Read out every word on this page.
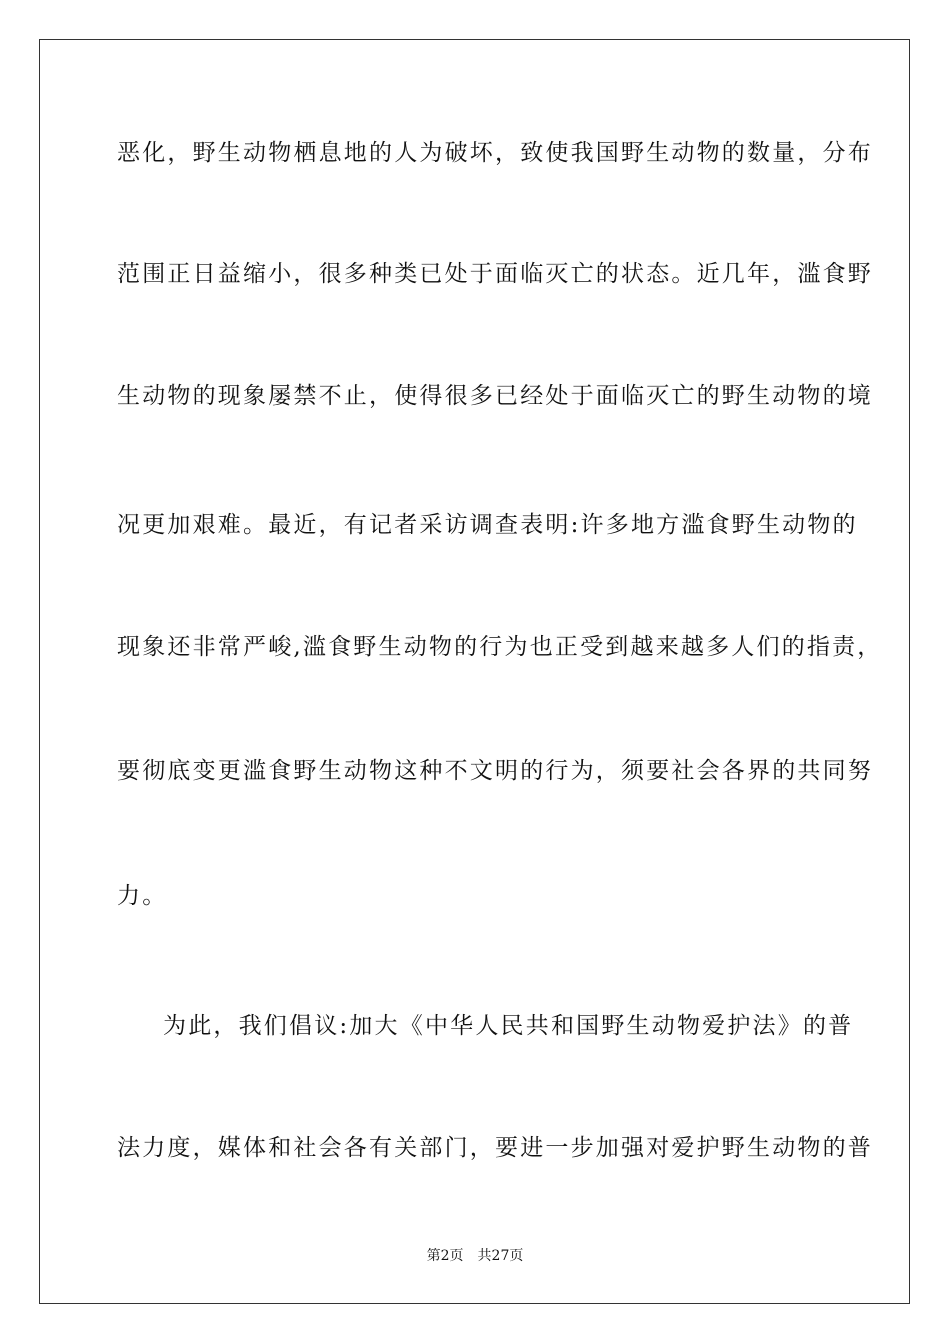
恶化，野生动物栖息地的人为破坏，致使我国野生动物的数量，分布
范围正日益缩小，很多种类已处于面临灭亡的状态。近几年，滥食野
生动物的现象屡禁不止，使得很多已经处于面临灭亡的野生动物的境
况更加艰难。最近，有记者采访调查表明:许多地方滥食野生动物的
现象还非常严峻,滥食野生动物的行为也正受到越来越多人们的指责，
要彻底变更滥食野生动物这种不文明的行为，须要社会各界的共同努
力。
为此，我们倡议:加大《中华人民共和国野生动物爱护法》的普
法力度，媒体和社会各有关部门，要进一步加强对爱护野生动物的普
第2页 共27页
